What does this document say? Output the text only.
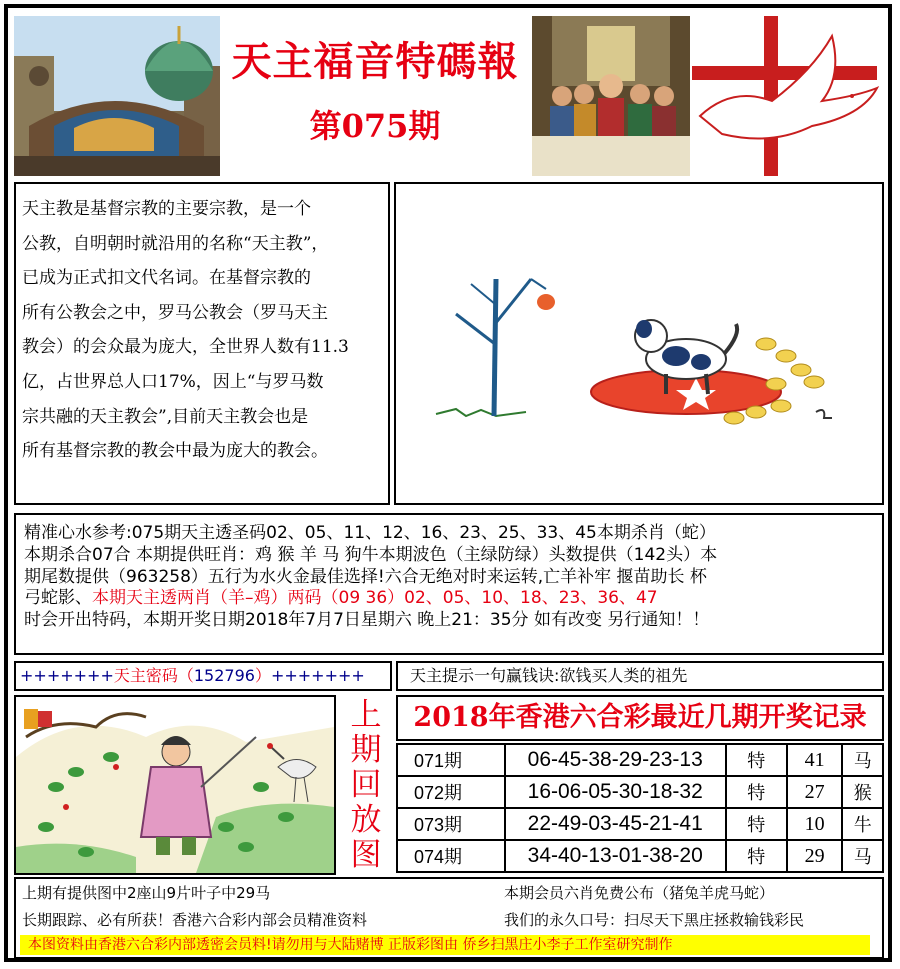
天主福音特碼報
第075期

天主教是基督宗教的主要宗教，是一个

公教，自明朝时就沿用的名称“天主教”，

已成为正式扣文代名词。在基督宗教的

所有公教会之中，罗马公教会（罗马天主

教会）的会众最为庞大，全世界人数有11.3

亿，占世界总人口17%，因上“与罗马数

宗共融的天主教会”,目前天主教会也是

所有基督宗教的教会中最为庞大的教会。

精准心水参考:075期天主透圣码02、05、11、12、16、23、25、33、45本期杀肖（蛇）
本期杀合07合 本期提供旺肖：鸡 猴 羊 马 狗牛本期波色（主绿防绿）头数提供（142头）本
期尾数提供（963258）五行为水火金最佳选择!六合无绝对时来运转,亡羊补牢 揠苗助长 杯
弓蛇影、本期天主透两肖（羊–鸡）两码（09 36）02、05、10、18、23、36、47
时会开出特码，本期开奖日期2018年7月7日星期六 晚上21：35分 如有改变 另行通知！！
+++++++天主密码（152796）+++++++	天主提示一句赢钱诀:欲钱买人类的祖先
上
期
回
放
图
2018年香港六合彩最近几期开奖记录
071期	06-45-38-29-23-13	特	41	马
072期	16-06-05-30-18-32	特	27	猴
073期	22-49-03-45-21-41	特	10	牛
074期	34-40-13-01-38-20	特	29	马
上期有提供图中2座山9片叶子中29马	本期会员六肖免费公布（猪兔羊虎马蛇）
长期跟踪、必有所获！香港六合彩内部会员精准资料	我们的永久口号：扫尽天下黑庄拯救输钱彩民
本图资料由香港六合彩内部透密会员料!请勿用与大陆赌博 正版彩图由 侨乡扫黑庄小李子工作室研究制作
